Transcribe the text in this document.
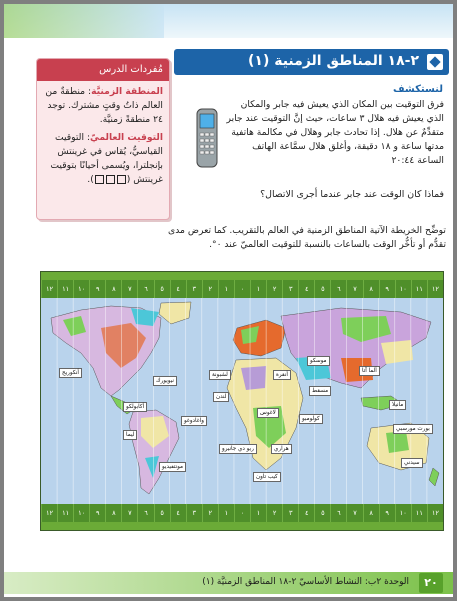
٢-١٨ المناطق الزمنية (١)
مُفردات الدرس

المنطقة الزمنيَّة: منطقةٌ من العالم ذاتُ وقتٍ مشترك. توجد ٢٤ منطقةً زمنيَّة.

التوقيت العالميّ: التوقيت القياسيُّ، يُقاس في غرينتش بإنجلترا، ويُسمى أحيانًا بتوقيت غرينتش ().

لنستكشف
فرق التوقيت بين المكان الذي يعيش فيه جابر والمكان الذي يعيش فيه هلال ٣ ساعات، حيث إنَّ التوقيت عند جابر متقدِّمٌ عن هلال. إذا تحادث جابر وهلال في مكالمة هاتفية مدتها ساعة و ١٨ دقيقة، وأغلق هلال سمَّاعة الهاتف الساعة ٢٠:٤٤
فماذا كان الوقت عند جابر عندما أجرى الاتصال؟
توضِّح الخريطة الآتية المناطق الزمنية في العالم بالتقريب. كما تعرض مدى تقدُّم أو تأخُّر الوقت بالساعات بالنسبة للتوقيت العالميّ عند ٠°.
١٢	١١	١٠	٩	٨	٧	٦	٥	٤	٣	٢	١	٠	١	٢	٣	٤	٥	٦	٧	٨	٩	١٠	١١	١٢
أنكوريج
نيويورك
لشبونة	أنقرة
موسكو
ألما آتا
مسقط
مانيلا
أكابولكو
لندن
لاغوس
كولومبو
ليما
ريو دي جانيرو	هراري
بورت مورسبي
مونتفيديو
كيب تاون
سيدني
واغادوغو
١٢	١١	١٠	٩	٨	٧	٦	٥	٤	٣	٢	١	٠	١	٢	٣	٤	٥	٦	٧	٨	٩	١٠	١١	١٢
الوحدة ٢ب: النشاط الأساسيّ ٢-١٨ المناطق الزمنيَّة (١)	٢٠
